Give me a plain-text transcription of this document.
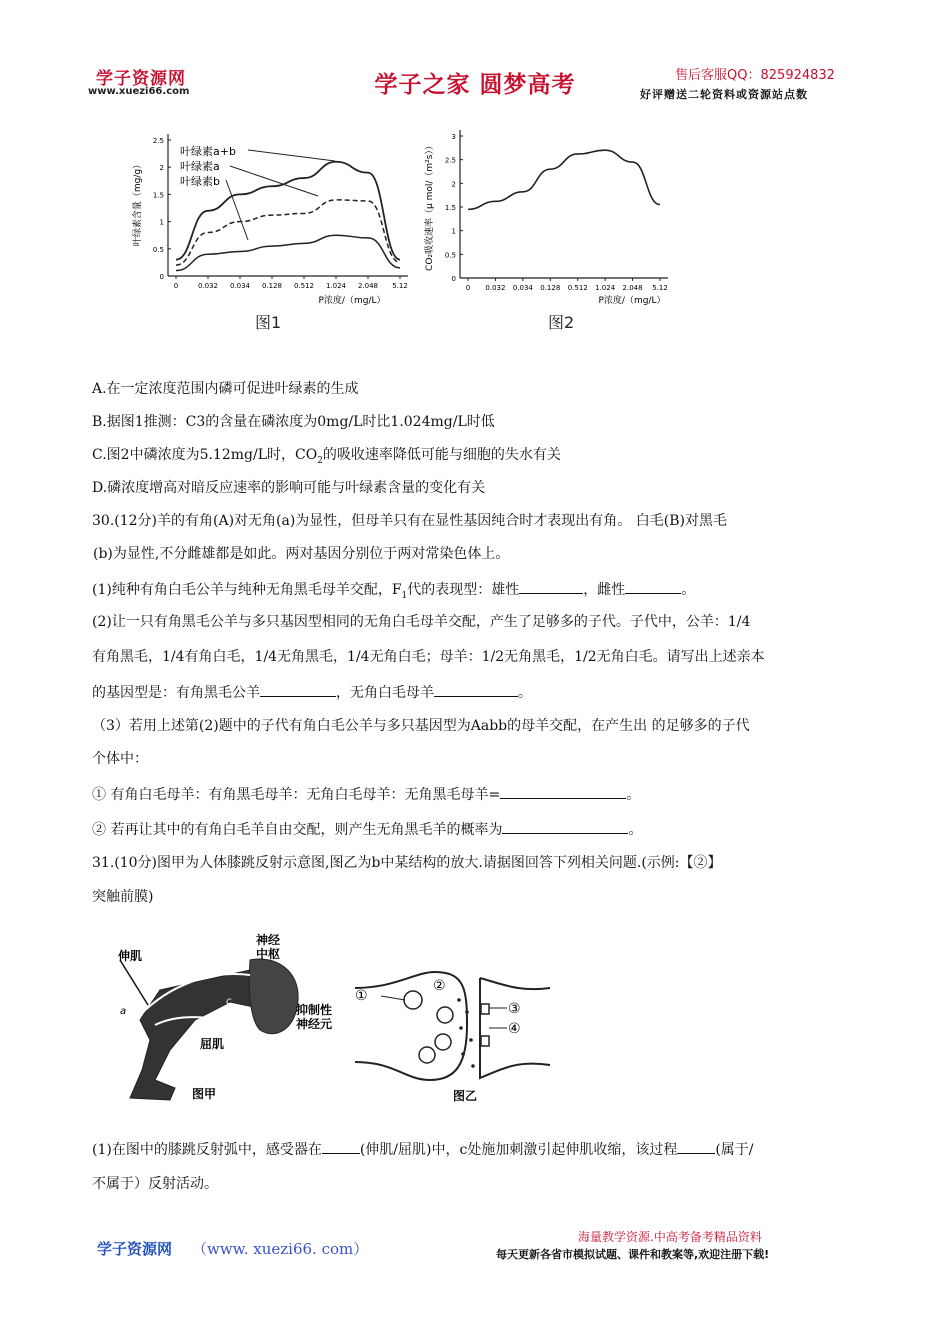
学子资源网
www.xuezi66.com	学子之家 圆梦高考	售后客服QQ：825924832
好评赠送二轮资料或资源站点数
0
0.5
1
1.5
2
2.5
0	0.032 0.034 0.128 0.512 1.024 2.048 5.12
叶绿素含量（mg/g）
P浓度/（mg/L）
叶绿素a+b
叶绿素a
叶绿素b
图1
0
0.5
1
1.5
2
2.5
3
0 0.032 0.034 0.128 0.512 1.024 2.048 5.12
CO₂吸收速率（μ mol/（m²s））
P浓度/（mg/L）
图2
A.在一定浓度范围内磷可促进叶绿素的生成
B.据图1推测：C3的含量在磷浓度为0mg/L时比1.024mg/L时低
C.图2中磷浓度为5.12mg/L时，$CO_2$的吸收速率降低可能与细胞的失水有关
D.磷浓度增高对暗反应速率的影响可能与叶绿素含量的变化有关
30.(12分)羊的有角(A)对无角(a)为显性，但母羊只有在显性基因纯合时才表现出有角。 白毛(B)对黑毛
(b)为显性,不分雌雄都是如此。两对基因分别位于两对常染色体上。
(1)纯种有角白毛公羊与纯种无角黑毛母羊交配，$F_1$代的表现型：雄性	，雌性	。
(2)让一只有角黑毛公羊与多只基因型相同的无角白毛母羊交配，产生了足够多的子代。子代中，公羊：1/4
有角黑毛，1/4有角白毛，1/4无角黑毛，1/4无角白毛；母羊：1/2无角黑毛，1/2无角白毛。请写出上述亲本
的基因型是：有角黑毛公羊	，无角白毛母羊	。
（3）若用上述第(2)题中的子代有角白毛公羊与多只基因型为Aabb的母羊交配，在产生出 的足够多的子代
个体中：
① 有角白毛母羊：有角黑毛母羊：无角白毛母羊：无角黑毛母羊=	。
② 若再让其中的有角白毛羊自由交配，则产生无角黑毛羊的概率为	。
31.(10分)图甲为人体膝跳反射示意图,图乙为b中某结构的放大.请据图回答下列相关问题.(示例:【②】
突触前膜)
伸肌
a
c
屈肌
神经
中枢
抑制性
神经元
图甲
①
②
③
④
图乙
(1)在图中的膝跳反射弧中，感受器在	(伸肌/屈肌)中，c处施加刺激引起伸肌收缩，该过程	(属于/
不属于）反射活动。
学子资源网 （www. xuezi66. com）
海量教学资源.中高考备考精品资料
每天更新各省市模拟试题、课件和教案等,欢迎注册下载!
